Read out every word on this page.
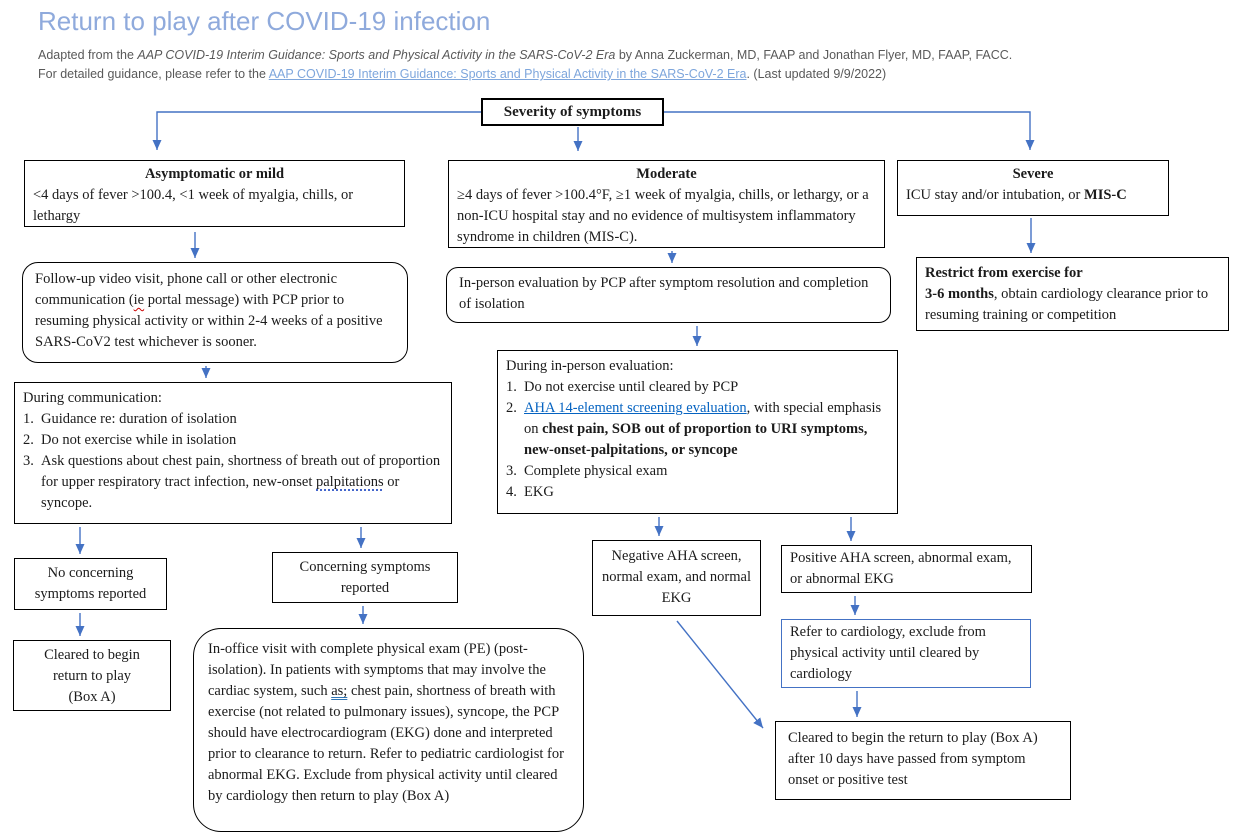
Return to play after COVID-19 infection

Adapted from the AAP COVID-19 Interim Guidance: Sports and Physical Activity in the SARS-CoV-2 Era by Anna Zuckerman, MD, FAAP and Jonathan Flyer, MD, FAAP, FACC.

For detailed guidance, please refer to the AAP COVID-19 Interim Guidance: Sports and Physical Activity in the SARS-CoV-2 Era. (Last updated 9/9/2022)

Severity of symptoms
Asymptomatic or mild
<4 days of fever >100.4, <1 week of myalgia, chills, or lethargy
Moderate
≥4 days of fever >100.4°F, ≥1 week of myalgia, chills, or lethargy, or a non-ICU hospital stay and no evidence of multisystem inflammatory syndrome in children (MIS-C).
Severe
ICU stay and/or intubation, or MIS-C
Restrict from exercise for
3-6 months, obtain cardiology clearance prior to resuming training or competition
Follow-up video visit, phone call or other electronic communication (ie portal message) with PCP prior to resuming physical activity or within 2-4 weeks of a positive SARS-CoV2 test whichever is sooner.
During communication:
1. Guidance re: duration of isolation
2. Do not exercise while in isolation
3. Ask questions about chest pain, shortness of breath out of proportion for upper respiratory tract infection, new-onset palpitations or syncope.
No concerning symptoms reported
Concerning symptoms reported
Cleared to begin
return to play
(Box A)
In-office visit with complete physical exam (PE) (post-isolation). In patients with symptoms that may involve the cardiac system, such as; chest pain, shortness of breath with exercise (not related to pulmonary issues), syncope, the PCP should have electrocardiogram (EKG) done and interpreted prior to clearance to return. Refer to pediatric cardiologist for abnormal EKG. Exclude from physical activity until cleared by cardiology then return to play (Box A)
In-person evaluation by PCP after symptom resolution and completion of isolation
During in-person evaluation:
1. Do not exercise until cleared by PCP
2. AHA 14-element screening evaluation, with special emphasis on chest pain, SOB out of proportion to URI symptoms, new-onset-palpitations, or syncope
3. Complete physical exam
4. EKG
Negative AHA screen, normal exam, and normal EKG
Positive AHA screen, abnormal exam, or abnormal EKG
Refer to cardiology, exclude from physical activity until cleared by cardiology
Cleared to begin the return to play (Box A) after 10 days have passed from symptom onset or positive test
